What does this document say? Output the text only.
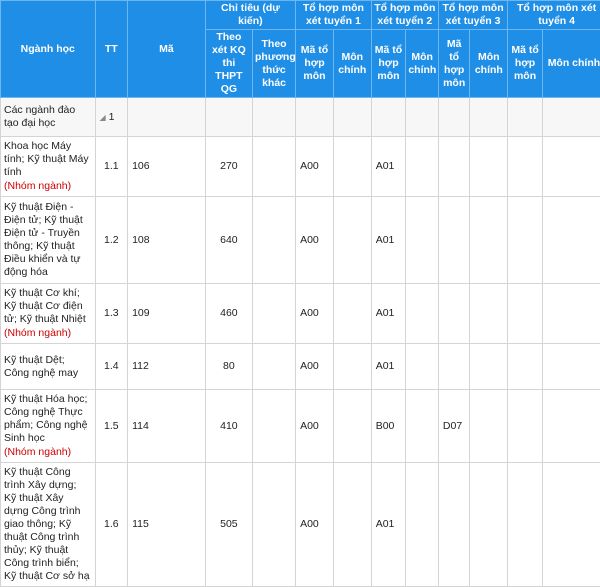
Ngành học	TT	Mã	Chỉ tiêu (dự kiến)		Tổ hợp môn xét tuyển 1		Tổ hợp môn xét tuyển 2		Tổ hợp môn xét tuyển 3		Tổ hợp môn xét tuyển 4	
			Theo xét KQ thi THPT QG	Theo phương thức khác	Mã tổ hợp môn	Môn chính	Mã tổ hợp môn	Môn chính	Mã tổ hợp môn	Môn chính	Mã tổ hợp môn	Môn chính
Các ngành đào tạo đại học	◢ 1											
Khoa học Máy tính; Kỹ thuật Máy tính
(Nhóm ngành)	1.1	106	270		A00		A01					
Kỹ thuật Điện - Điện tử; Kỹ thuật Điện tử - Truyền thông; Kỹ thuật Điều khiển và tự động hóa	1.2	108	640		A00		A01					
Kỹ thuật Cơ khí; Kỹ thuật Cơ điện tử; Kỹ thuật Nhiệt
(Nhóm ngành)	1.3	109	460		A00		A01					
Kỹ thuật Dệt; Công nghệ may	1.4	112	80		A00		A01					
Kỹ thuật Hóa học; Công nghệ Thực phẩm; Công nghệ Sinh học
(Nhóm ngành)	1.5	114	410		A00		B00		D07			
Kỹ thuật Công trình Xây dựng; Kỹ thuật Xây dựng Công trình giao thông; Kỹ thuật Công trình thủy; Kỹ thuật Công trình biển; Kỹ thuật Cơ sở hạ	1.6	115	505		A00		A01					
